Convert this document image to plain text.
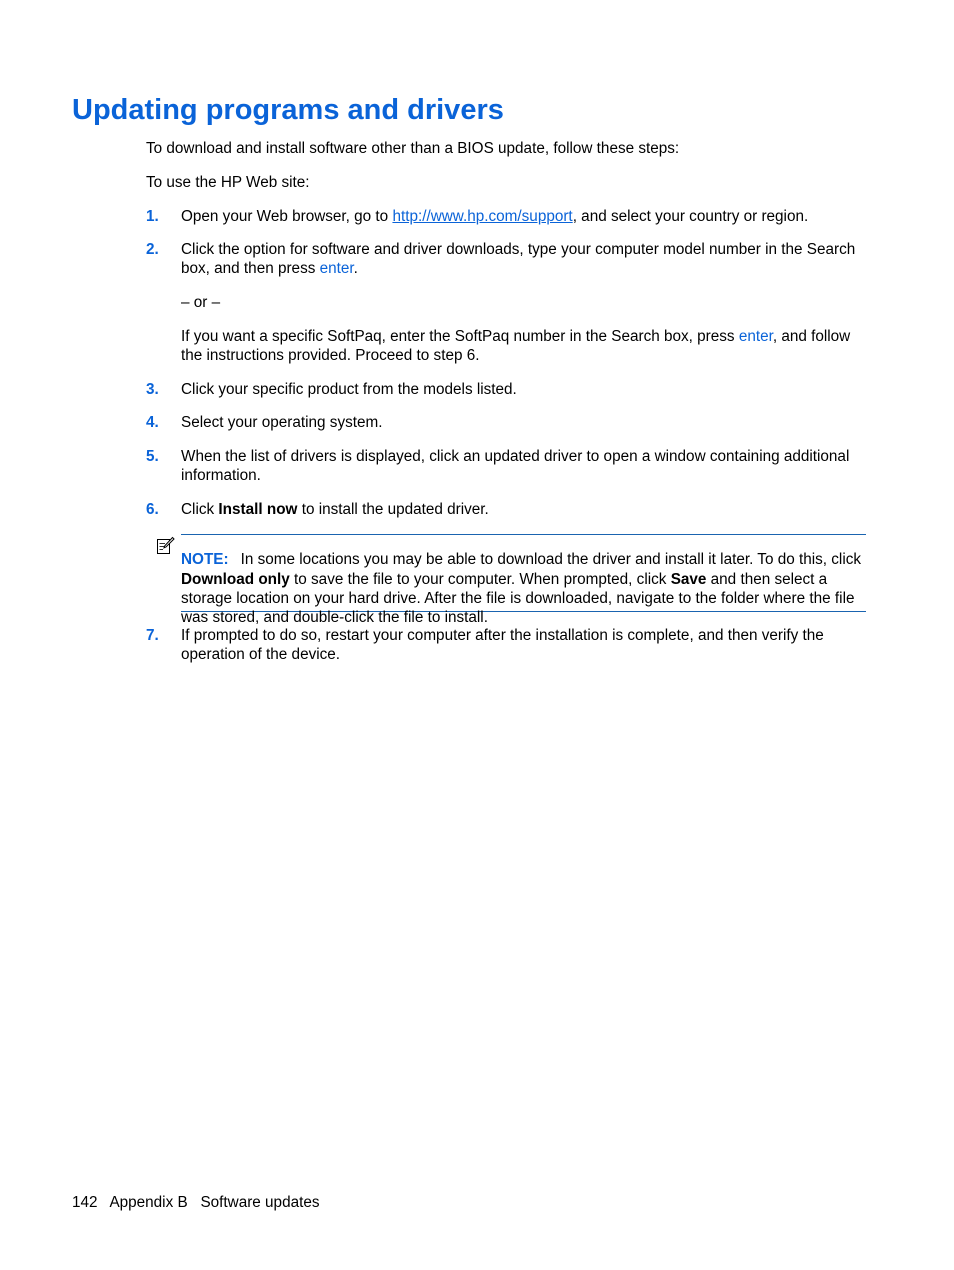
Updating programs and drivers

To download and install software other than a BIOS update, follow these steps:

To use the HP Web site:

1. Open your Web browser, go to http://www.hp.com/support, and select your country or region.

2. Click the option for software and driver downloads, type your computer model number in the Search box, and then press enter.

– or –

If you want a specific SoftPaq, enter the SoftPaq number in the Search box, press enter, and follow the instructions provided. Proceed to step 6.

3. Click your specific product from the models listed.

4. Select your operating system.

5. When the list of drivers is displayed, click an updated driver to open a window containing additional information.

6. Click Install now to install the updated driver.

NOTE: In some locations you may be able to download the driver and install it later. To do this, click Download only to save the file to your computer. When prompted, click Save and then select a storage location on your hard drive. After the file is downloaded, navigate to the folder where the file was stored, and double-click the file to install.

7. If prompted to do so, restart your computer after the installation is complete, and then verify the operation of the device.

142 Appendix B Software updates
